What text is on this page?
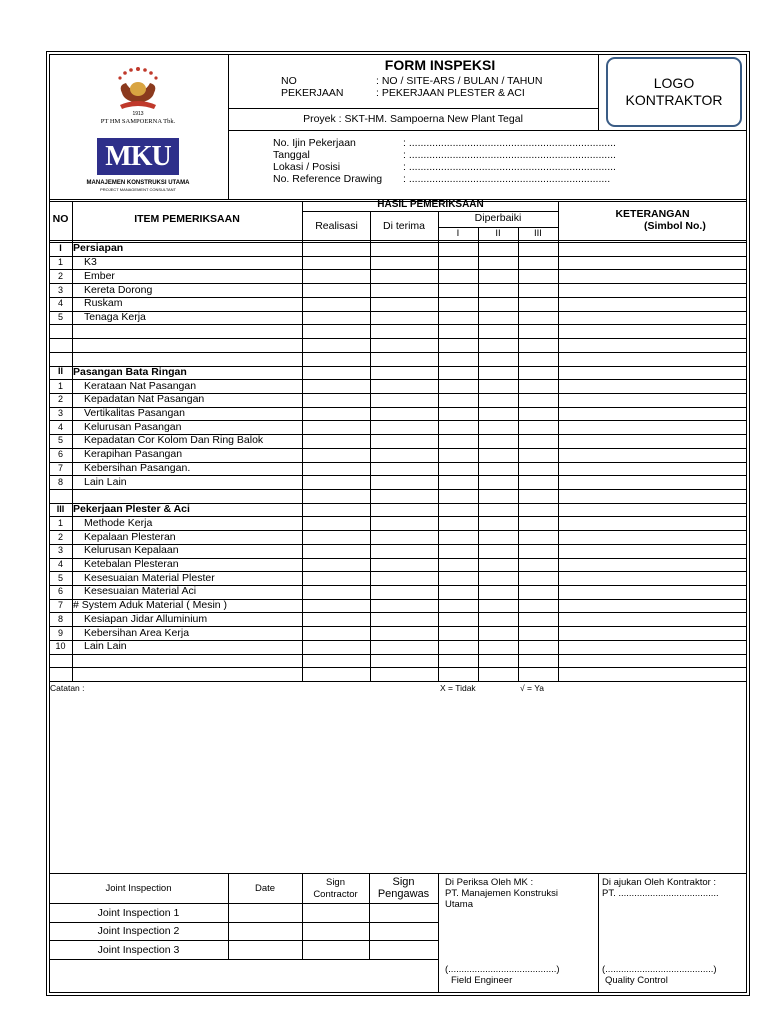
1913
PT HM SAMPOERNA Tbk.
MKU
MANAJEMEN KONSTRUKSI UTAMA
PROJECT MANAGEMENT CONSULTANT
FORM INSPEKSI
NO	: NO / SITE-ARS / BULAN / TAHUN
PEKERJAAN	: PEKERJAAN PLESTER & ACI
Proyek : SKT-HM. Sampoerna New Plant Tegal
LOGO
KONTRAKTOR
No. Ijin Pekerjaan	: .......................................................................
Tanggal	: .......................................................................
Lokasi / Posisi	: .......................................................................
No. Reference Drawing : .....................................................................
NO	ITEM PEMERIKSAAN
HASIL PEMERIKSAAN
Realisasi	Di terima
Diperbaiki
I	II	III
KETERANGAN
(Simbol No.)
I	Persiapan
1	K3
2	Ember
3	Kereta Dorong
4	Ruskam
5	Tenaga Kerja
II Pasangan Bata Ringan
1	Kerataan Nat Pasangan
2	Kepadatan Nat Pasangan
3	Vertikalitas Pasangan
4	Kelurusan Pasangan
5	Kepadatan Cor Kolom Dan Ring Balok
6	Kerapihan Pasangan
7	Kebersihan Pasangan.
8	Lain Lain
III Pekerjaan Plester & Aci
1	Methode Kerja
2	Kepalaan Plesteran
3	Kelurusan Kepalaan
4	Ketebalan Plesteran
5	Kesesuaian Material Plester
6	Kesesuaian Material Aci
7 # System Aduk Material ( Mesin )
8	Kesiapan Jidar Alluminium
9	Kebersihan Area Kerja
10	Lain Lain
Catatan :	X = Tidak	√ = Ya
Joint Inspection	Date
Sign
Contractor
Sign
Pengawas
Joint Inspection 1
Joint Inspection 2
Joint Inspection 3
Di Periksa Oleh MK :
PT. Manajemen Konstruksi
Utama
Di ajukan Oleh Kontraktor :
PT. ......................................
(.........................................)
Field Engineer
(.........................................)
Quality Control
